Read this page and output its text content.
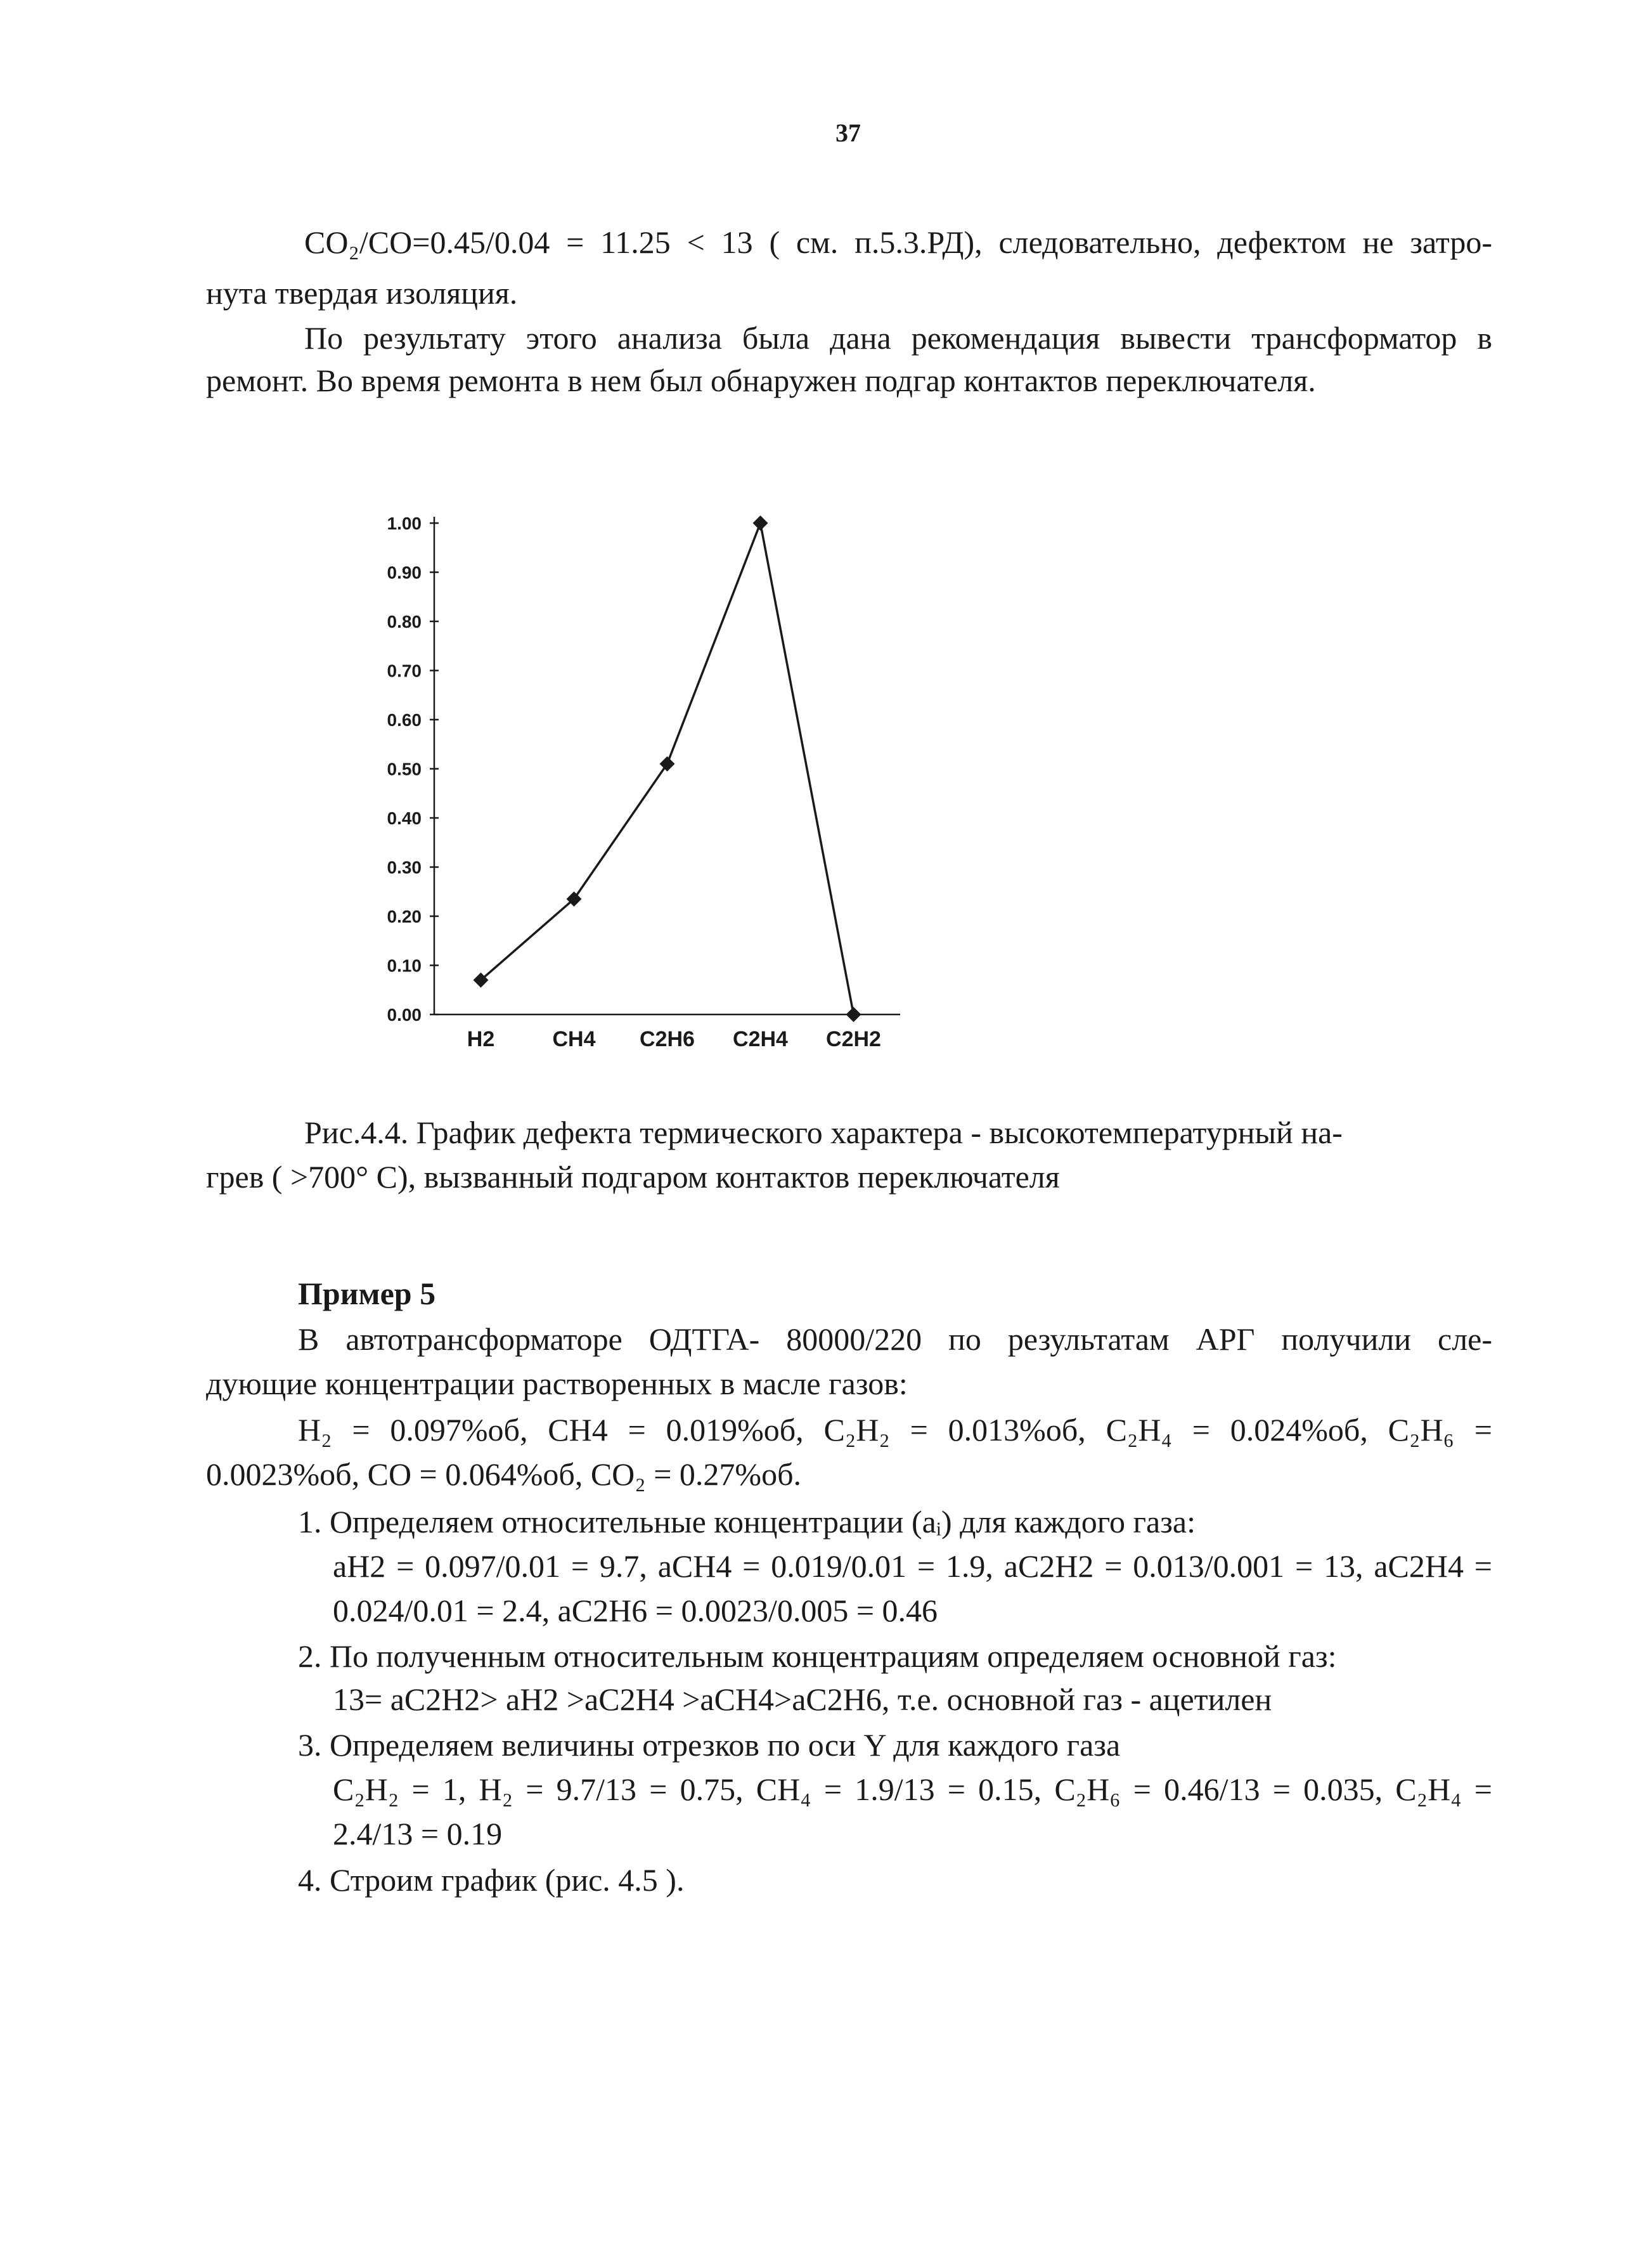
37
CO₂/CO=0.45/0.04 = 11.25 < 13 ( см. п.5.3.РД), следовательно, дефектом не затро-
нута твердая изоляция.
По результату этого анализа была дана рекомендация вывести трансформатор в
ремонт. Во время ремонта в нем был обнаружен подгар контактов переключателя.
0.00
0.10
0.20
0.30
0.40
0.50
0.60
0.70
0.80
0.90
1.00
H2	CH4 C2H6 C2H4 C2H2
Рис.4.4. График дефекта термического характера - высокотемпературный на-
грев ( >700° С), вызванный подгаром контактов переключателя
Пример 5
В автотрансформаторе ОДТГА- 80000/220 по результатам АРГ получили сле-
дующие концентрации растворенных в масле газов:
H₂ = 0.097%об, CH4 = 0.019%об, C₂H₂ = 0.013%об, C₂H₄ = 0.024%об, C₂H₆ =
0.0023%об, CO = 0.064%об, CO₂ = 0.27%об.
1. Определяем относительные концентрации (aᵢ) для каждого газа:
aH2 = 0.097/0.01 = 9.7, aCH4 = 0.019/0.01 = 1.9, aC2H2 = 0.013/0.001 = 13, aC2H4 =
0.024/0.01 = 2.4, aC2H6 = 0.0023/0.005 = 0.46
2. По полученным относительным концентрациям определяем основной газ:
13= aC2H2> aH2 >aC2H4 >aCH4>aC2H6, т.е. основной газ - ацетилен
3. Определяем величины отрезков по оси Y для каждого газа
C₂H₂ = 1, H₂ = 9.7/13 = 0.75, CH₄ = 1.9/13 = 0.15, C₂H₆ = 0.46/13 = 0.035, C₂H₄ =
2.4/13 = 0.19
4. Строим график (рис. 4.5 ).
